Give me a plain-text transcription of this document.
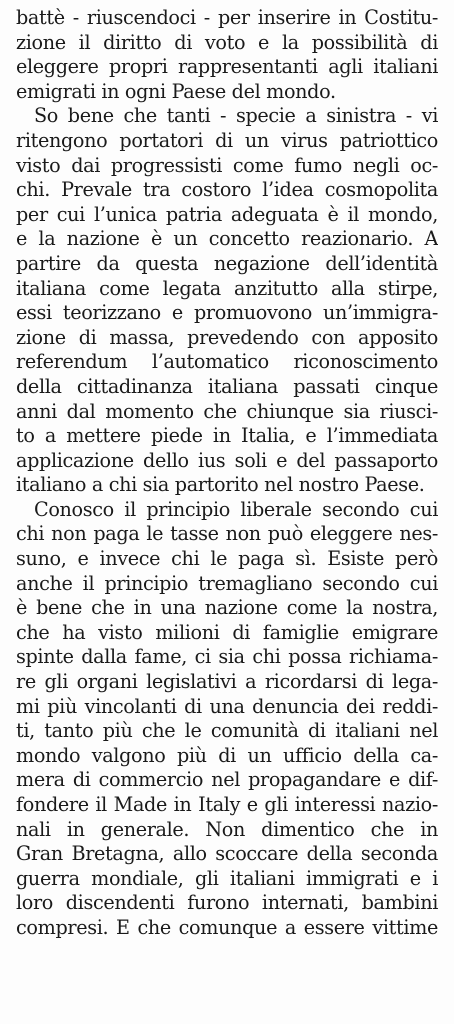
battè - riuscendoci - per inserire in Costitu-
zione il diritto di voto e la possibilità di
eleggere propri rappresentanti agli italiani
emigrati in ogni Paese del mondo.
So bene che tanti - specie a sinistra - vi
ritengono portatori di un virus patriottico
visto dai progressisti come fumo negli oc-
chi. Prevale tra costoro l’idea cosmopolita
per cui l’unica patria adeguata è il mondo,
e la nazione è un concetto reazionario. A
partire da questa negazione dell’identità
italiana come legata anzitutto alla stirpe,
essi teorizzano e promuovono un’immigra-
zione di massa, prevedendo con apposito
referendum l’automatico riconoscimento
della cittadinanza italiana passati cinque
anni dal momento che chiunque sia riusci-
to a mettere piede in Italia, e l’immediata
applicazione dello ius soli e del passaporto
italiano a chi sia partorito nel nostro Paese.
Conosco il principio liberale secondo cui
chi non paga le tasse non può eleggere nes-
suno, e invece chi le paga sì. Esiste però
anche il principio tremagliano secondo cui
è bene che in una nazione come la nostra,
che ha visto milioni di famiglie emigrare
spinte dalla fame, ci sia chi possa richiama-
re gli organi legislativi a ricordarsi di lega-
mi più vincolanti di una denuncia dei reddi-
ti, tanto più che le comunità di italiani nel
mondo valgono più di un ufficio della ca-
mera di commercio nel propagandare e dif-
fondere il Made in Italy e gli interessi nazio-
nali in generale. Non dimentico che in
Gran Bretagna, allo scoccare della seconda
guerra mondiale, gli italiani immigrati e i
loro discendenti furono internati, bambini
compresi. E che comunque a essere vittime
